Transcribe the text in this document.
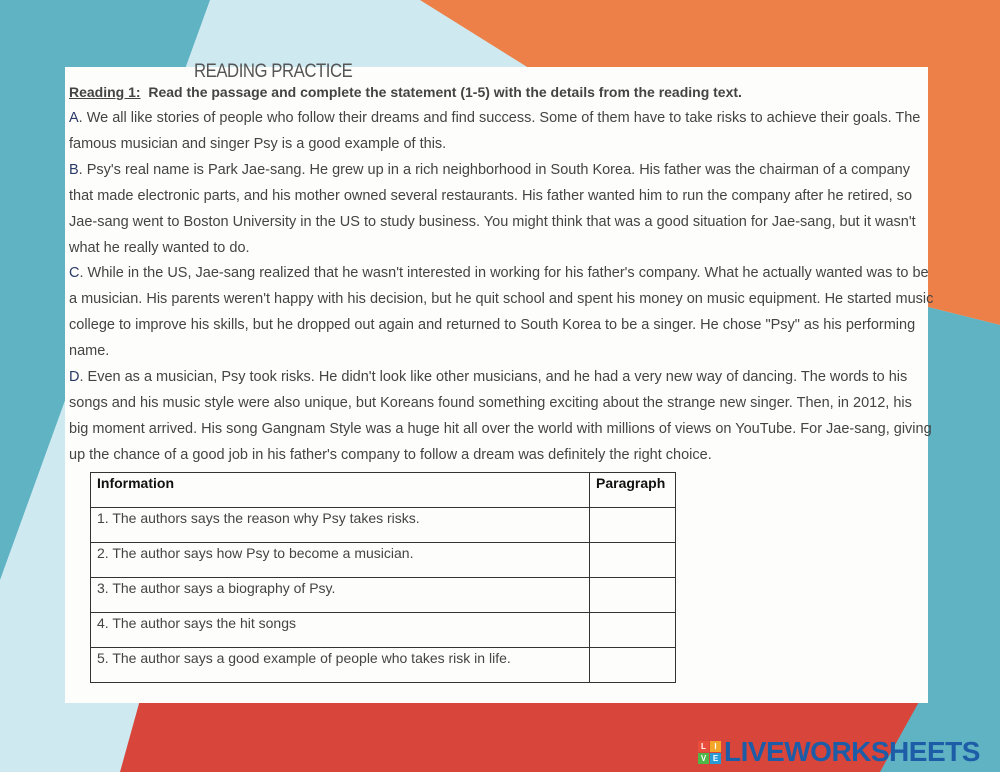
READING PRACTICE
Reading 1: Read the passage and complete the statement (1-5) with the details from the reading text.

A. We all like stories of people who follow their dreams and find success. Some of them have to take risks to achieve their goals. The famous musician and singer Psy is a good example of this.

B. Psy's real name is Park Jae-sang. He grew up in a rich neighborhood in South Korea. His father was the chairman of a company that made electronic parts, and his mother owned several restaurants. His father wanted him to run the company after he retired, so Jae-sang went to Boston University in the US to study business. You might think that was a good situation for Jae-sang, but it wasn't what he really wanted to do.

C. While in the US, Jae-sang realized that he wasn't interested in working for his father's company. What he actually wanted was to be a musician. His parents weren't happy with his decision, but he quit school and spent his money on music equipment. He started music college to improve his skills, but he dropped out again and returned to South Korea to be a singer. He chose "Psy" as his performing name.

D. Even as a musician, Psy took risks. He didn't look like other musicians, and he had a very new way of dancing. The words to his songs and his music style were also unique, but Koreans found something exciting about the strange new singer. Then, in 2012, his big moment arrived. His song Gangnam Style was a huge hit all over the world with millions of views on YouTube. For Jae-sang, giving up the chance of a good job in his father's company to follow a dream was definitely the right choice.

Information	Paragraph
1. The authors says the reason why Psy takes risks.	
2. The author says how Psy to become a musician.	
3. The author says a biography of Psy.	
4. The author says the hit songs	
5. The author says a good example of people who takes risk in life.	
L	I
V E LIVEWORKSHEETS
